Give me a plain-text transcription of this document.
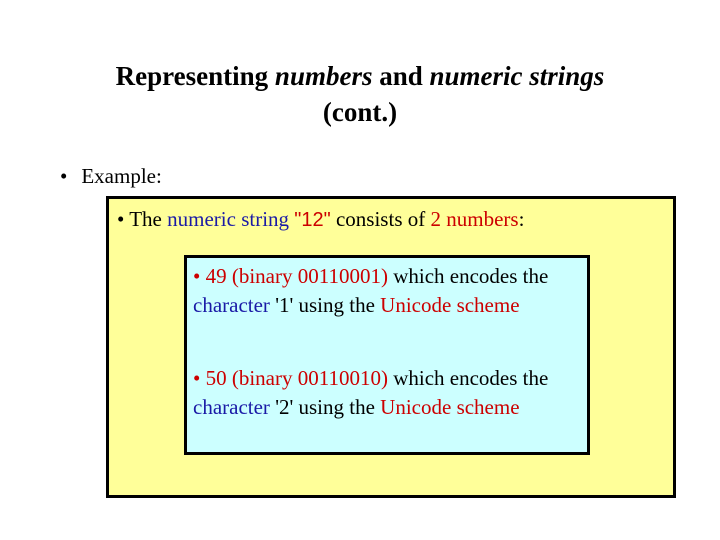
Representing numbers and numeric strings
(cont.)
• Example:
• The numeric string "12" consists of 2 numbers:
• 49 (binary 00110001) which encodes the character '1' using the Unicode scheme
• 50 (binary 00110010) which encodes the character '2' using the Unicode scheme
